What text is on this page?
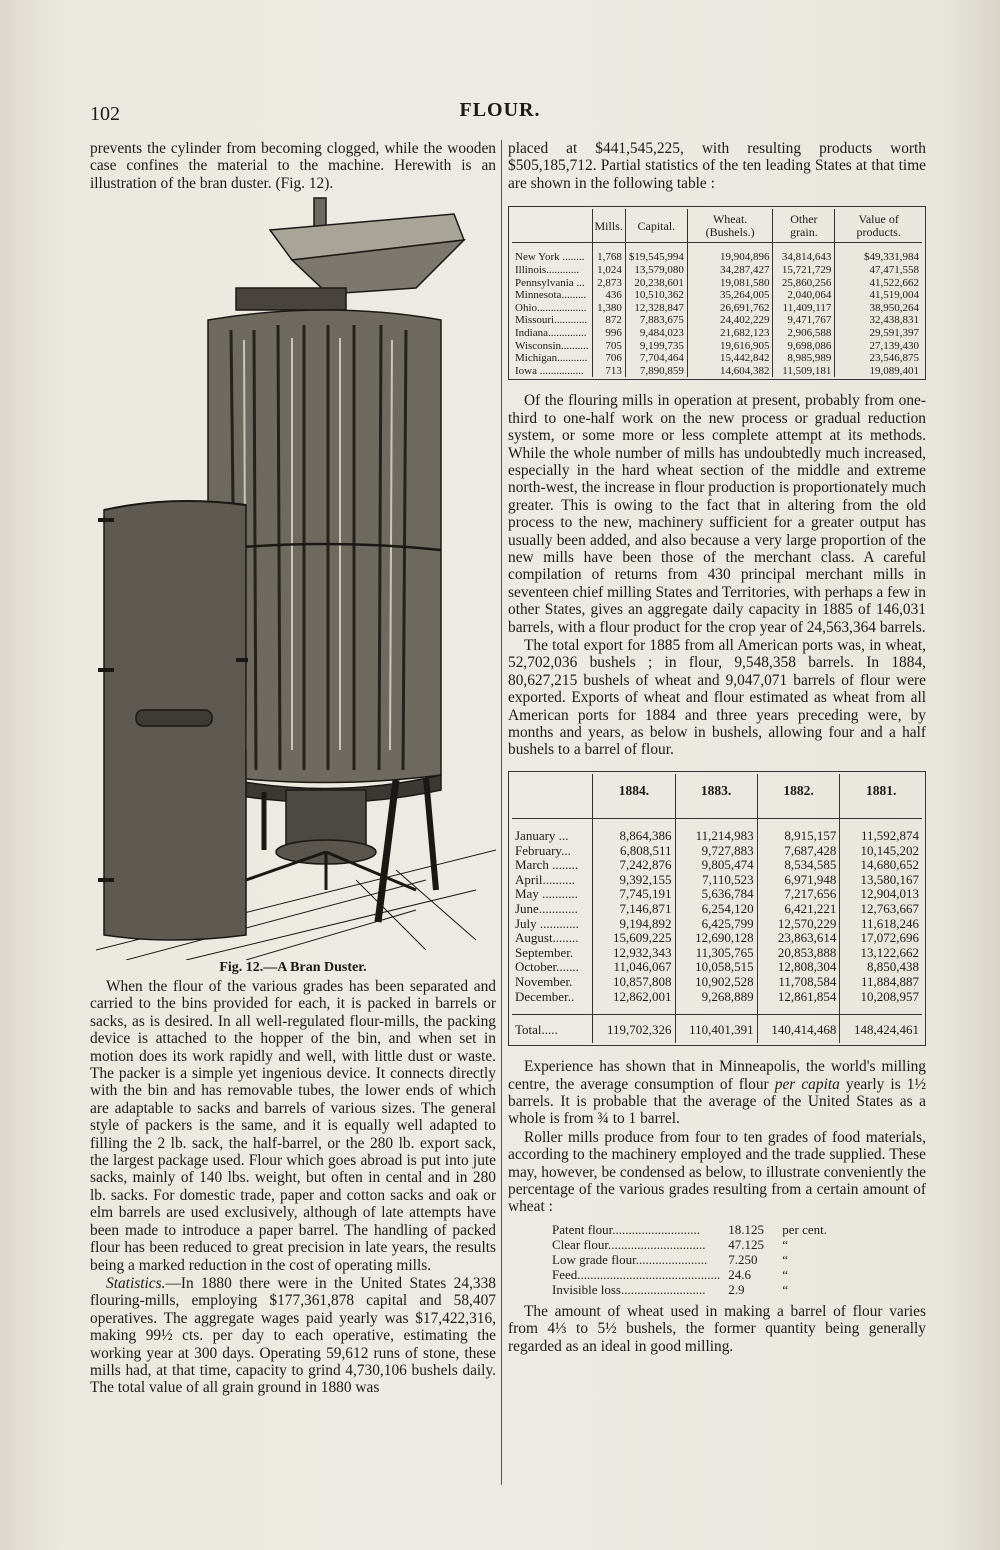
102	FLOUR.

prevents the cylinder from becoming clogged, while the wooden case confines the material to the machine. Herewith is an illustration of the bran duster. (Fig. 12).

Fig. 12.—A Bran Duster.

When the flour of the various grades has been separated and carried to the bins provided for each, it is packed in barrels or sacks, as is desired. In all well-regulated flour-mills, the packing device is attached to the hopper of the bin, and when set in motion does its work rapidly and well, with little dust or waste. The packer is a simple yet ingenious device. It connects directly with the bin and has removable tubes, the lower ends of which are adaptable to sacks and barrels of various sizes. The general style of packers is the same, and it is equally well adapted to filling the 2 lb. sack, the half-barrel, or the 280 lb. export sack, the largest package used. Flour which goes abroad is put into jute sacks, mainly of 140 lbs. weight, but often in cental and in 280 lb. sacks. For domestic trade, paper and cotton sacks and oak or elm barrels are used exclusively, although of late attempts have been made to introduce a paper barrel. The handling of packed flour has been reduced to great precision in late years, the results being a marked reduction in the cost of operating mills.

Statistics.—In 1880 there were in the United States 24,338 flouring-mills, employing $177,361,878 capital and 58,407 operatives. The aggregate wages paid yearly was $17,422,316, making 99½ cts. per day to each operative, estimating the working year at 300 days. Operating 59,612 runs of stone, these mills had, at that time, capacity to grind 4,730,106 bushels daily. The total value of all grain ground in 1880 was

placed at $441,545,225, with resulting products worth $505,185,712. Partial statistics of the ten leading States at that time are shown in the following table :

	Mills.	Capital.	Wheat. (Bushels.)	Other grain.	Value of products.
New York ........	1,768	$19,545,994	19,904,896	34,814,643	$49,331,984
Illinois............	1,024	13,579,080	34,287,427	15,721,729	47,471,558
Pennsylvania ...	2,873	20,238,601	19,081,580	25,860,256	41,522,662
Minnesota.........	436	10,510,362	35,264,005	2,040,064	41,519,004
Ohio..................	1,380	12,328,847	26,691,762	11,409,117	38,950,264
Missouri............	872	7,883,675	24,402,229	9,471,767	32,438,831
Indiana..............	996	9,484,023	21,682,123	2,906,588	29,591,397
Wisconsin..........	705	9,199,735	19,616,905	9,698,086	27,139,430
Michigan...........	706	7,704,464	15,442,842	8,985,989	23,546,875
Iowa ................	713	7,890,859	14,604,382	11,509,181	19,089,401

Of the flouring mills in operation at present, probably from one-third to one-half work on the new process or gradual reduction system, or some more or less complete attempt at its methods. While the whole number of mills has undoubtedly much increased, especially in the hard wheat section of the middle and extreme north-west, the increase in flour production is proportionately much greater. This is owing to the fact that in altering from the old process to the new, machinery sufficient for a greater output has usually been added, and also because a very large proportion of the new mills have been those of the merchant class. A careful compilation of returns from 430 principal merchant mills in seventeen chief milling States and Territories, with perhaps a few in other States, gives an aggregate daily capacity in 1885 of 146,031 barrels, with a flour product for the crop year of 24,563,364 barrels.

The total export for 1885 from all American ports was, in wheat, 52,702,036 bushels ; in flour, 9,548,358 barrels. In 1884, 80,627,215 bushels of wheat and 9,047,071 barrels of flour were exported. Exports of wheat and flour estimated as wheat from all American ports for 1884 and three years preceding were, by months and years, as below in bushels, allowing four and a half bushels to a barrel of flour.

	1884.	1883.	1882.	1881.

January ...	8,864,386	11,214,983	8,915,157	11,592,874
February...	6,808,511	9,727,883	7,687,428	10,145,202
March ........	7,242,876	9,805,474	8,534,585	14,680,652
April..........	9,392,155	7,110,523	6,971,948	13,580,167
May ...........	7,745,191	5,636,784	7,217,656	12,904,013
June............	7,146,871	6,254,120	6,421,221	12,763,667
July ............	9,194,892	6,425,799	12,570,229	11,618,246
August........	15,609,225	12,690,128	23,863,614	17,072,696
September.	12,932,343	11,305,765	20,853,888	13,122,662
October.......	11,046,067	10,058,515	12,808,304	8,850,438
November.	10,857,808	10,902,528	11,708,584	11,884,887
December..	12,862,001	9,268,889	12,861,854	10,208,957

Total.....	119,702,326	110,401,391	140,414,468	148,424,461

Experience has shown that in Minneapolis, the world's milling centre, the average consumption of flour per capita yearly is 1½ barrels. It is probable that the average of the United States as a whole is from ¾ to 1 barrel.

Roller mills produce from four to ten grades of food materials, according to the machinery employed and the trade supplied. These may, however, be condensed as below, to illustrate conveniently the percentage of the various grades resulting from a certain amount of wheat :

Patent flour...........................	18.125	per cent.
Clear flour..............................	47.125	“
Low grade flour......................	7.250	“
Feed............................................	24.6	“
Invisible loss..........................	2.9	“

The amount of wheat used in making a barrel of flour varies from 4⅓ to 5½ bushels, the former quantity being generally regarded as an ideal in good milling.
